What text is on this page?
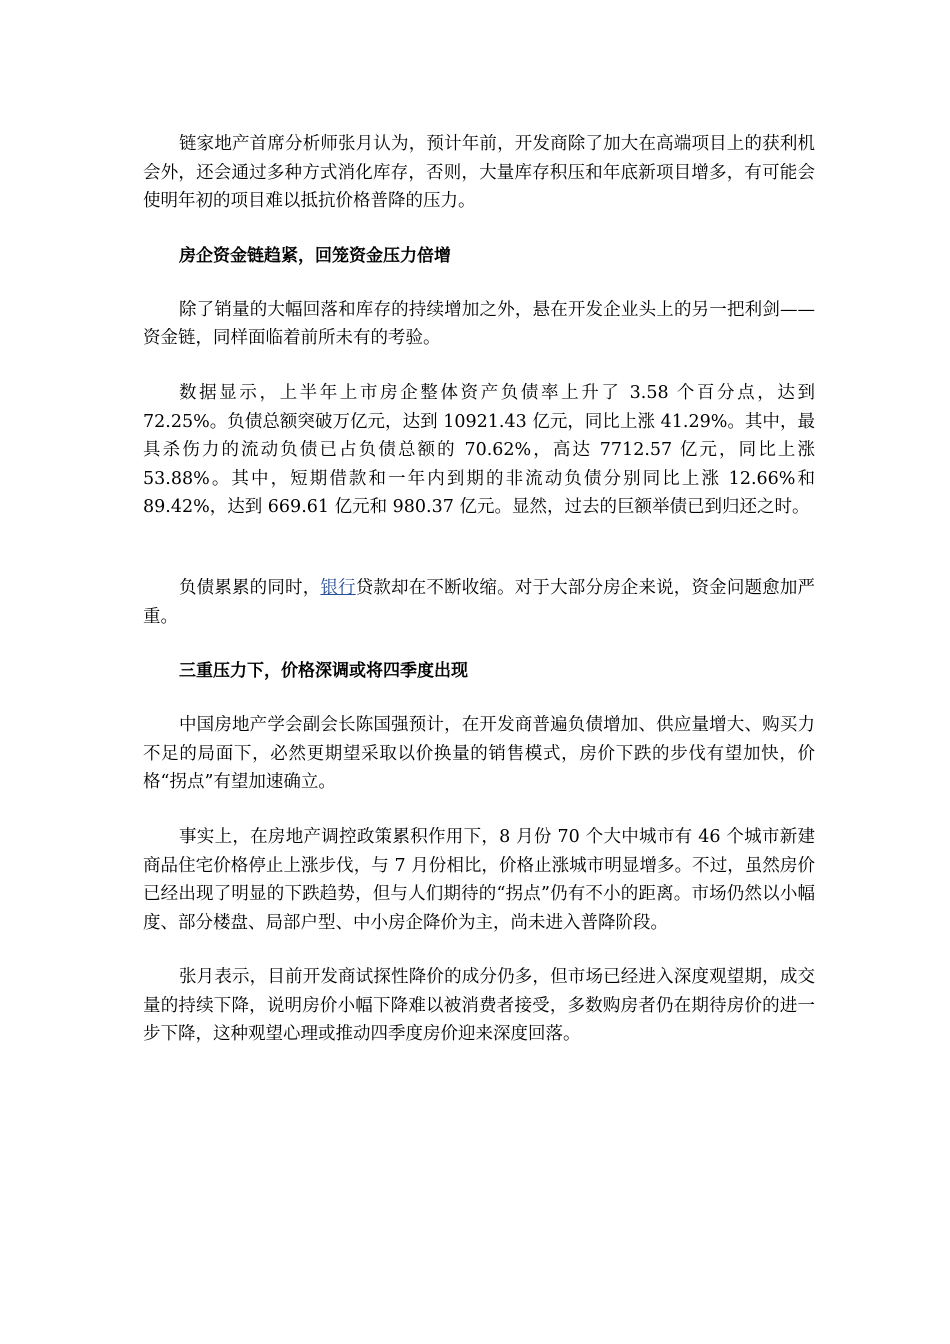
链家地产首席分析师张月认为，预计年前，开发商除了加大在高端项目上的获利机会外，还会通过多种方式消化库存，否则，大量库存积压和年底新项目增多，有可能会使明年初的项目难以抵抗价格普降的压力。

房企资金链趋紧，回笼资金压力倍增

除了销量的大幅回落和库存的持续增加之外，悬在开发企业头上的另一把利剑——资金链，同样面临着前所未有的考验。

数据显示，上半年上市房企整体资产负债率上升了 3.58 个百分点，达到72.25%。负债总额突破万亿元，达到 10921.43 亿元，同比上涨 41.29%。其中，最具杀伤力的流动负债已占负债总额的 70.62%，高达 7712.57 亿元，同比上涨53.88%。其中，短期借款和一年内到期的非流动负债分别同比上涨 12.66%和89.42%，达到 669.61 亿元和 980.37 亿元。显然，过去的巨额举债已到归还之时。

负债累累的同时，银行贷款却在不断收缩。对于大部分房企来说，资金问题愈加严重。

三重压力下，价格深调或将四季度出现

中国房地产学会副会长陈国强预计，在开发商普遍负债增加、供应量增大、购买力不足的局面下，必然更期望采取以价换量的销售模式，房价下跌的步伐有望加快，价格“拐点”有望加速确立。

事实上，在房地产调控政策累积作用下，8 月份 70 个大中城市有 46 个城市新建商品住宅价格停止上涨步伐，与 7 月份相比，价格止涨城市明显增多。不过，虽然房价已经出现了明显的下跌趋势，但与人们期待的“拐点”仍有不小的距离。市场仍然以小幅度、部分楼盘、局部户型、中小房企降价为主，尚未进入普降阶段。

张月表示，目前开发商试探性降价的成分仍多，但市场已经进入深度观望期，成交量的持续下降，说明房价小幅下降难以被消费者接受，多数购房者仍在期待房价的进一步下降，这种观望心理或推动四季度房价迎来深度回落。
